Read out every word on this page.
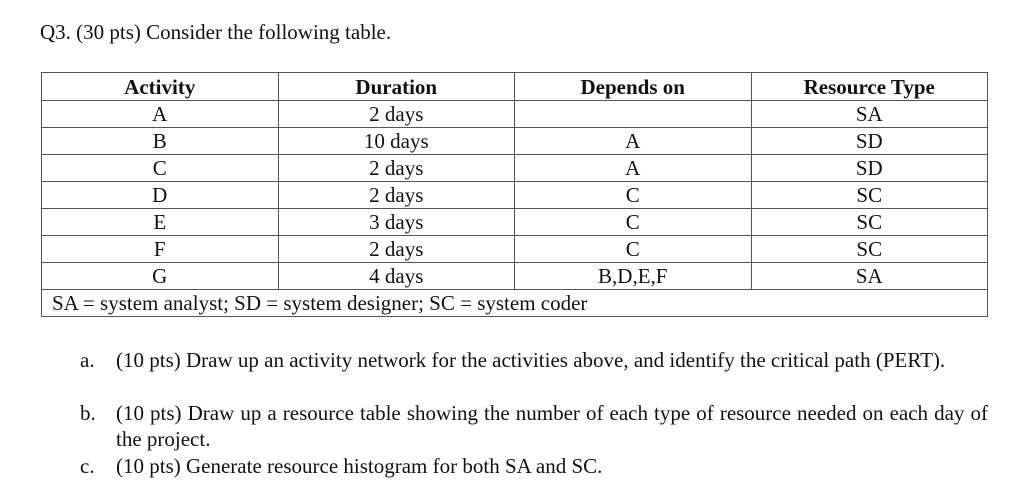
Q3. (30 pts) Consider the following table.
Activity	Duration	Depends on	Resource Type
A	2 days		SA
B	10 days	A	SD
C	2 days	A	SD
D	2 days	C	SC
E	3 days	C	SC
F	2 days	C	SC
G	4 days	B,D,E,F	SA
SA = system analyst; SD = system designer; SC = system coder			
a.	(10 pts) Draw up an activity network for the activities above, and identify the critical path (PERT).
b. (10 pts) Draw up a resource table showing the number of each type of resource needed on each day of the project.
c.	(10 pts) Generate resource histogram for both SA and SC.
